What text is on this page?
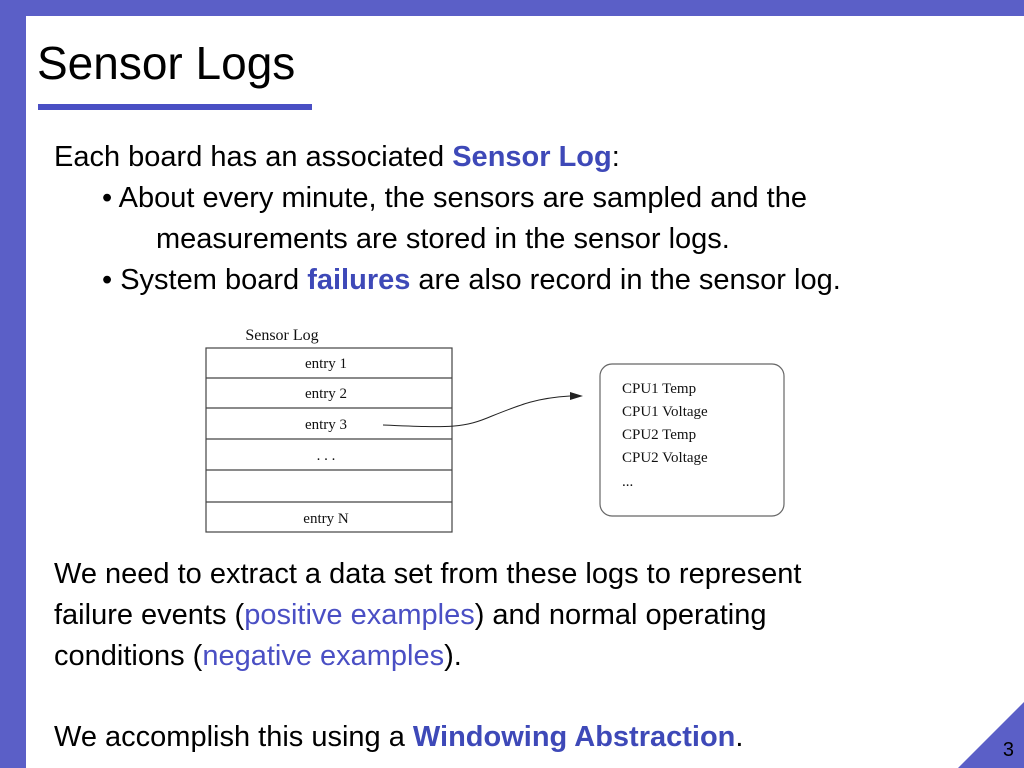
Sensor Logs
Each board has an associated Sensor Log:
• About every minute, the sensors are sampled and the
measurements are stored in the sensor logs.
• System board failures are also record in the sensor log.
Sensor Log
entry 1
entry 2
entry 3
. . .
entry N
CPU1 Temp
CPU1 Voltage
CPU2 Temp
CPU2 Voltage
...
We need to extract a data set from these logs to represent
failure events (positive examples) and normal operating
conditions (negative examples).
We accomplish this using a Windowing Abstraction.	3
